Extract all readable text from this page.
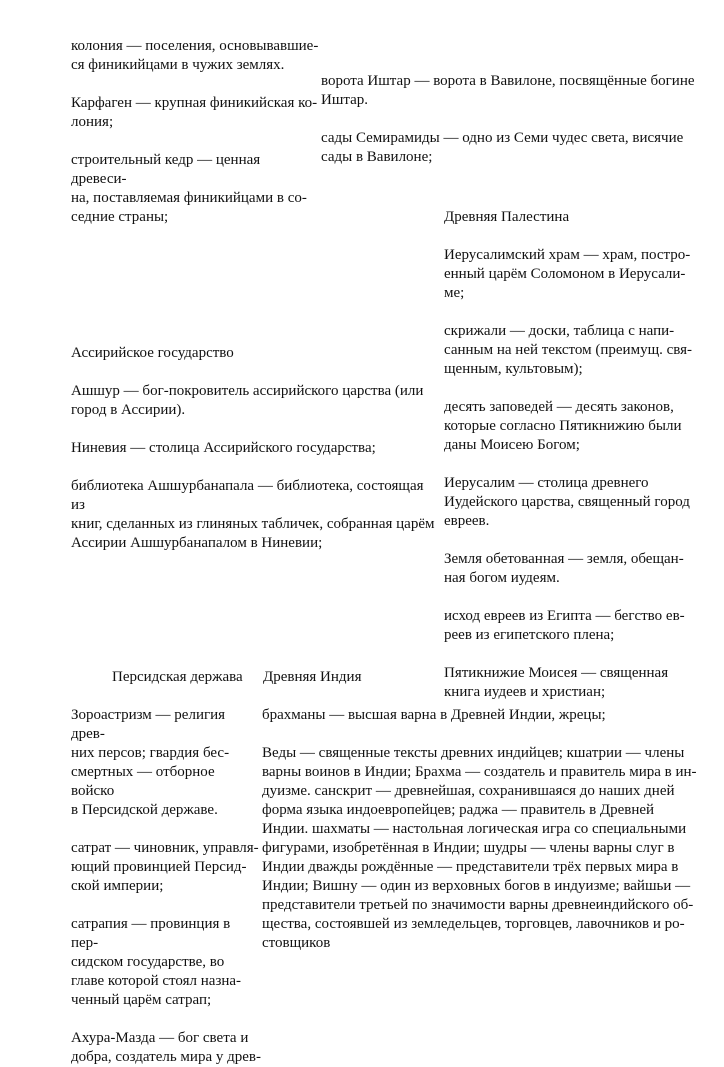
колония — поселения, основывавшие-
ся финикийцами в чужих землях.

Карфаген — крупная финикийская ко-
лония;

строительный кедр — ценная древеси-
на, поставляемая финикийцами в со-
седние страны;

ворота Иштар — ворота в Вавилоне, посвящённые богине
Иштар.

сады Семирамиды — одно из Семи чудес света, висячие
сады в Вавилоне;

Древняя Палестина

Иерусалимский храм — храм, постро-
енный царём Соломоном в Иерусали-
ме;

скрижали — доски, таблица с напи-
санным на ней текстом (преимущ. свя-
щенным, культовым);

десять заповедей — десять законов,
которые согласно Пятикнижию были
даны Моисею Богом;

Иерусалим — столица древнего
Иудейского царства, священный город
евреев.

Земля обетованная — земля, обещан-
ная богом иудеям.

исход евреев из Египта — бегство ев-
реев из египетского плена;

Пятикнижие Моисея — священная
книга иудеев и христиан;

Ассирийское государство

Ашшур — бог-покровитель ассирийского царства (или
город в Ассирии).

Ниневия — столица Ассирийского государства;

библиотека Ашшурбанапала — библиотека, состоящая из
книг, сделанных из глиняных табличек, собранная царём
Ассирии Ашшурбанапалом в Ниневии;

Персидская держава Древняя Индия

Зороастризм — религия древ-
них персов; гвардия бес-
смертных — отборное войско
в Персидской державе.

сатрат — чиновник, управля-
ющий провинцией Персид-
ской империи;

сатрапия — провинция в пер-
сидском государстве, во
главе которой стоял назна-
ченный царём сатрап;

Ахура-Мазда — бог света и
добра, создатель мира у древ-

брахманы — высшая варна в Древней Индии, жрецы;

Веды — священные тексты древних индийцев; кшатрии — члены
варны воинов в Индии; Брахма — создатель и правитель мира в ин-
дуизме. санскрит — древнейшая, сохранившаяся до наших дней
форма языка индоевропейцев; раджа — правитель в Древней
Индии. шахматы — настольная логическая игра со специальными
фигурами, изобретённая в Индии; шудры — члены варны слуг в
Индии дважды рождённые — представители трёх первых мира в
Индии; Вишну — один из верховных богов в индуизме; вайшьи —
представители третьей по значимости варны древнеиндийского об-
щества, состоявшей из земледельцев, торговцев, лавочников и ро-
стовщиков
